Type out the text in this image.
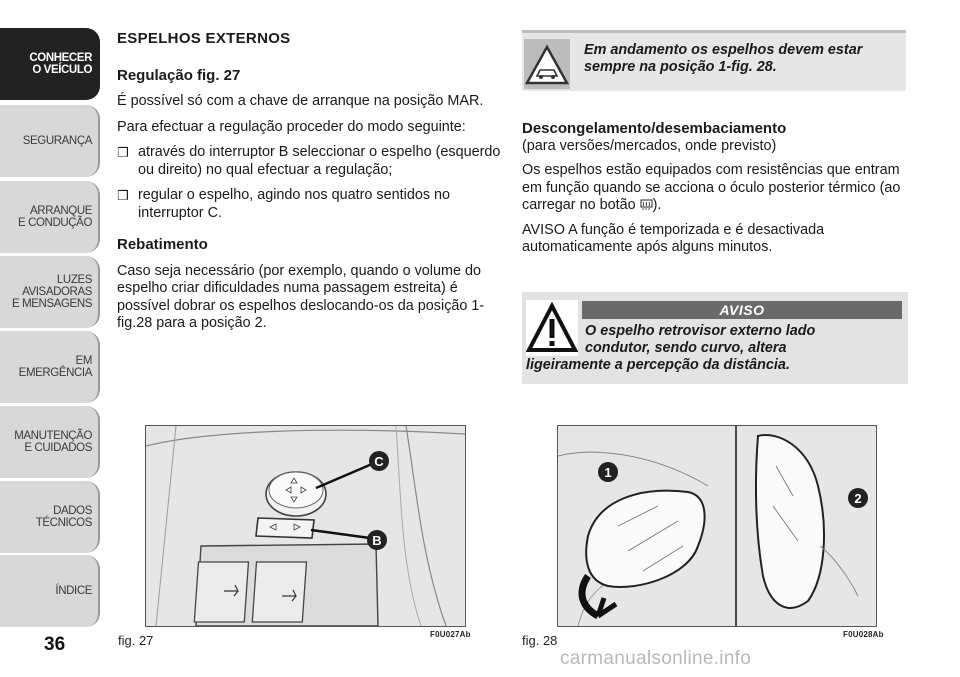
CONHECER
O VEÍCULO
SEGURANÇA
ARRANQUE
E CONDUÇÃO
LUZES
AVISADORAS
E MENSAGENS
EM EMERGÊNCIA
MANUTENÇÃO
E CUIDADOS
DADOS
TÉCNICOS
ÍNDICE
36
ESPELHOS EXTERNOS
Regulação fig. 27
É possível só com a chave de arranque na posição MAR.
Para efectuar a regulação proceder do modo seguinte:
❒ através do interruptor B seleccionar o espelho (esquerdo ou direito) no qual efectuar a regulação;
❒ regular o espelho, agindo nos quatro sentidos no interruptor C.
Rebatimento
Caso seja necessário (por exemplo, quando o volume do espelho criar dificuldades numa passagem estreita) é possível dobrar os espelhos deslocando-os da posição 1-fig.28 para a posição 2.
Em andamento os espelhos devem estar sempre na posição 1-fig. 28.
Descongelamento/desembaciamento
(para versões/mercados, onde previsto)
Os espelhos estão equipados com resistências que entram em função quando se acciona o óculo posterior térmico (ao carregar no botão ).
AVISO A função é temporizada e é desactivada automaticamente após alguns minutos.
AVISO
O espelho retrovisor externo lado
condutor, sendo curvo, altera
ligeiramente a percepção da distância.
C
B
fig. 27	F0U027Ab
1
2
fig. 28	F0U028Ab
carmanualsonline.info
